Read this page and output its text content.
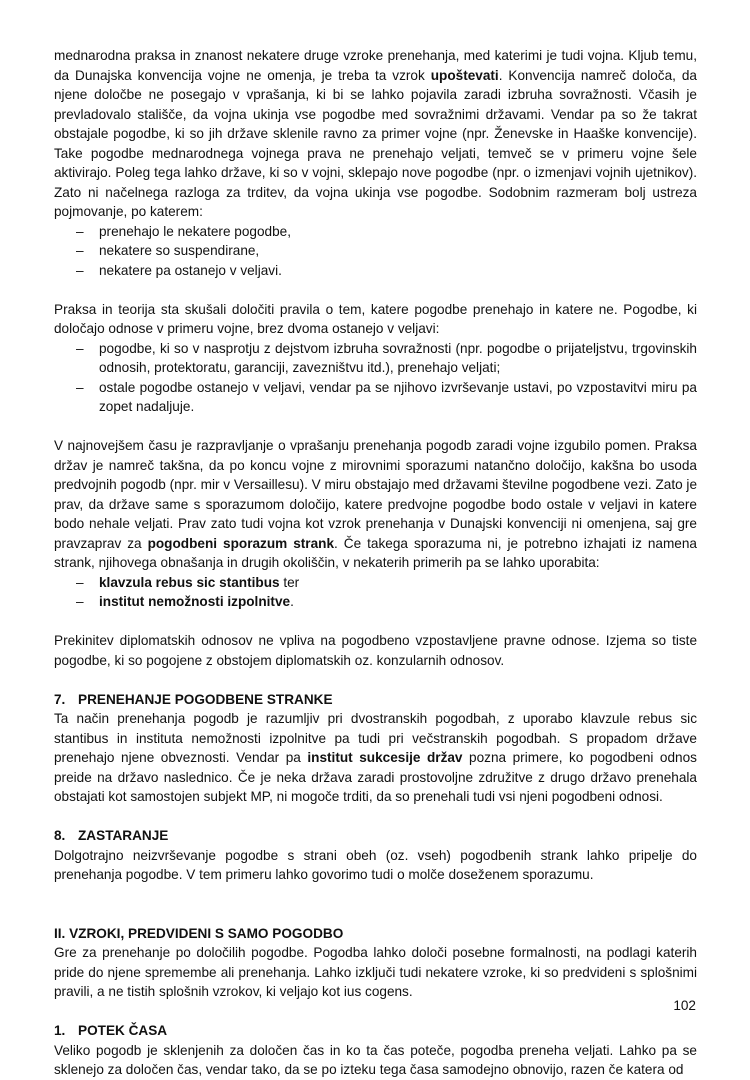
mednarodna praksa in znanost nekatere druge vzroke prenehanja, med katerimi je tudi vojna. Kljub temu, da Dunajska konvencija vojne ne omenja, je treba ta vzrok upoštevati. Konvencija namreč določa, da njene določbe ne posegajo v vprašanja, ki bi se lahko pojavila zaradi izbruha sovražnosti. Včasih je prevladovalo stališče, da vojna ukinja vse pogodbe med sovražnimi državami. Vendar pa so že takrat obstajale pogodbe, ki so jih države sklenile ravno za primer vojne (npr. Ženevske in Haaške konvencije). Take pogodbe mednarodnega vojnega prava ne prenehajo veljati, temveč se v primeru vojne šele aktivirajo. Poleg tega lahko države, ki so v vojni, sklepajo nove pogodbe (npr. o izmenjavi vojnih ujetnikov). Zato ni načelnega razloga za trditev, da vojna ukinja vse pogodbe. Sodobnim razmeram bolj ustreza pojmovanje, po katerem:

– prenehajo le nekatere pogodbe,
– nekatere so suspendirane,
– nekatere pa ostanejo v veljavi.

Praksa in teorija sta skušali določiti pravila o tem, katere pogodbe prenehajo in katere ne. Pogodbe, ki določajo odnose v primeru vojne, brez dvoma ostanejo v veljavi:

– pogodbe, ki so v nasprotju z dejstvom izbruha sovražnosti (npr. pogodbe o prijateljstvu, trgovinskih odnosih, protektoratu, garanciji, zavezništvu itd.), prenehajo veljati;
– ostale pogodbe ostanejo v veljavi, vendar pa se njihovo izvrševanje ustavi, po vzpostavitvi miru pa zopet nadaljuje.

V najnovejšem času je razpravljanje o vprašanju prenehanja pogodb zaradi vojne izgubilo pomen. Praksa držav je namreč takšna, da po koncu vojne z mirovnimi sporazumi natančno določijo, kakšna bo usoda predvojnih pogodb (npr. mir v Versaillesu). V miru obstajajo med državami številne pogodbene vezi. Zato je prav, da države same s sporazumom določijo, katere predvojne pogodbe bodo ostale v veljavi in katere bodo nehale veljati. Prav zato tudi vojna kot vzrok prenehanja v Dunajski konvenciji ni omenjena, saj gre pravzaprav za pogodbeni sporazum strank. Če takega sporazuma ni, je potrebno izhajati iz namena strank, njihovega obnašanja in drugih okoliščin, v nekaterih primerih pa se lahko uporabita:

– klavzula rebus sic stantibus ter
– institut nemožnosti izpolnitve.

Prekinitev diplomatskih odnosov ne vpliva na pogodbeno vzpostavljene pravne odnose. Izjema so tiste pogodbe, ki so pogojene z obstojem diplomatskih oz. konzularnih odnosov.

7. PRENEHANJE POGODBENE STRANKE

Ta način prenehanja pogodb je razumljiv pri dvostranskih pogodbah, z uporabo klavzule rebus sic stantibus in instituta nemožnosti izpolnitve pa tudi pri večstranskih pogodbah. S propadom države prenehajo njene obveznosti. Vendar pa institut sukcesije držav pozna primere, ko pogodbeni odnos preide na državo naslednico. Če je neka država zaradi prostovoljne združitve z drugo državo prenehala obstajati kot samostojen subjekt MP, ni mogoče trditi, da so prenehali tudi vsi njeni pogodbeni odnosi.

8. ZASTARANJE

Dolgotrajno neizvrševanje pogodbe s strani obeh (oz. vseh) pogodbenih strank lahko pripelje do prenehanja pogodbe. V tem primeru lahko govorimo tudi o molče doseženem sporazumu.

II. VZROKI, PREDVIDENI S SAMO POGODBO

Gre za prenehanje po določilih pogodbe. Pogodba lahko določi posebne formalnosti, na podlagi katerih pride do njene spremembe ali prenehanja. Lahko izključi tudi nekatere vzroke, ki so predvideni s splošnimi pravili, a ne tistih splošnih vzrokov, ki veljajo kot ius cogens.

1. POTEK ČASA

Veliko pogodb je sklenjenih za določen čas in ko ta čas poteče, pogodba preneha veljati. Lahko pa se sklenejo za določen čas, vendar tako, da se po izteku tega časa samodejno obnovijo, razen če katera od

102
